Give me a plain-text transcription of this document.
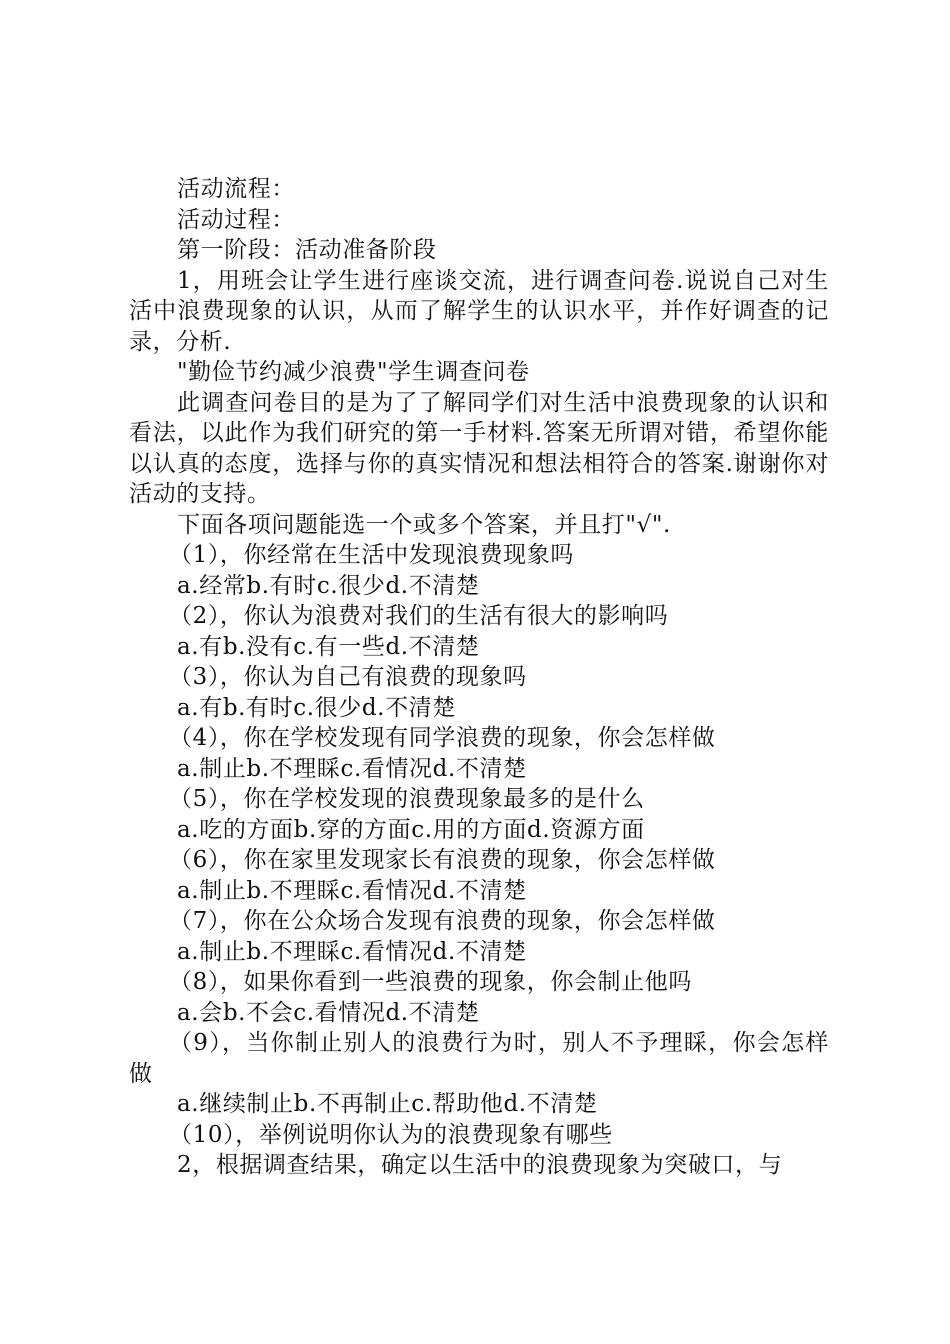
活动流程：

活动过程：

第一阶段：活动准备阶段

1，用班会让学生进行座谈交流，进行调查问卷.说说自己对生活中浪费现象的认识，从而了解学生的认识水平，并作好调查的记录，分析.

"勤俭节约减少浪费"学生调查问卷

此调查问卷目的是为了了解同学们对生活中浪费现象的认识和看法，以此作为我们研究的第一手材料.答案无所谓对错，希望你能以认真的态度，选择与你的真实情况和想法相符合的答案.谢谢你对活动的支持。

下面各项问题能选一个或多个答案，并且打"√".

（1），你经常在生活中发现浪费现象吗

a.经常b.有时c.很少d.不清楚

（2），你认为浪费对我们的生活有很大的影响吗

a.有b.没有c.有一些d.不清楚

（3），你认为自己有浪费的现象吗

a.有b.有时c.很少d.不清楚

（4），你在学校发现有同学浪费的现象，你会怎样做

a.制止b.不理睬c.看情况d.不清楚

（5），你在学校发现的浪费现象最多的是什么

a.吃的方面b.穿的方面c.用的方面d.资源方面

（6），你在家里发现家长有浪费的现象，你会怎样做

a.制止b.不理睬c.看情况d.不清楚

（7），你在公众场合发现有浪费的现象，你会怎样做

a.制止b.不理睬c.看情况d.不清楚

（8），如果你看到一些浪费的现象，你会制止他吗

a.会b.不会c.看情况d.不清楚

（9），当你制止别人的浪费行为时，别人不予理睬，你会怎样做

a.继续制止b.不再制止c.帮助他d.不清楚

（10），举例说明你认为的浪费现象有哪些

2，根据调查结果，确定以生活中的浪费现象为突破口，与
